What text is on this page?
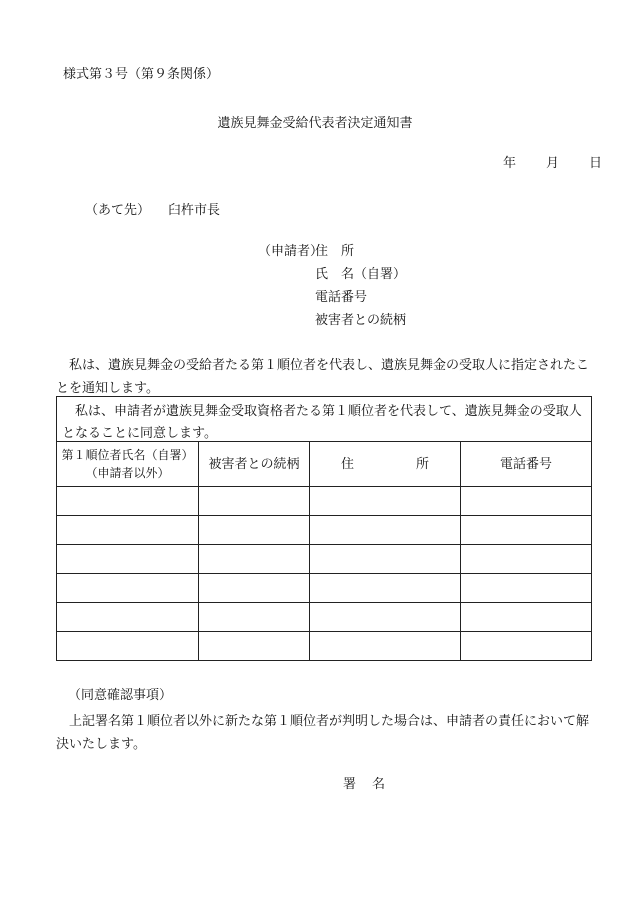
様式第３号（第９条関係）
遺族見舞金受給代表者決定通知書
年 月 日
（あて先） 臼杵市長
（申請者）
住　所
氏　名（自署）
電話番号
被害者との続柄
私は、遺族見舞金の受給者たる第１順位者を代表し、遺族見舞金の受取人に指定されたことを通知します。
私は、申請者が遺族見舞金受取資格者たる第１順位者を代表して、遺族見舞金の受取人となることに同意します。
第１順位者氏名（自署）
（申請者以外）	被害者との続柄	住 所	電話番号

（同意確認事項）
上記署名第１順位者以外に新たな第１順位者が判明した場合は、申請者の責任において解決いたします。
署 名
